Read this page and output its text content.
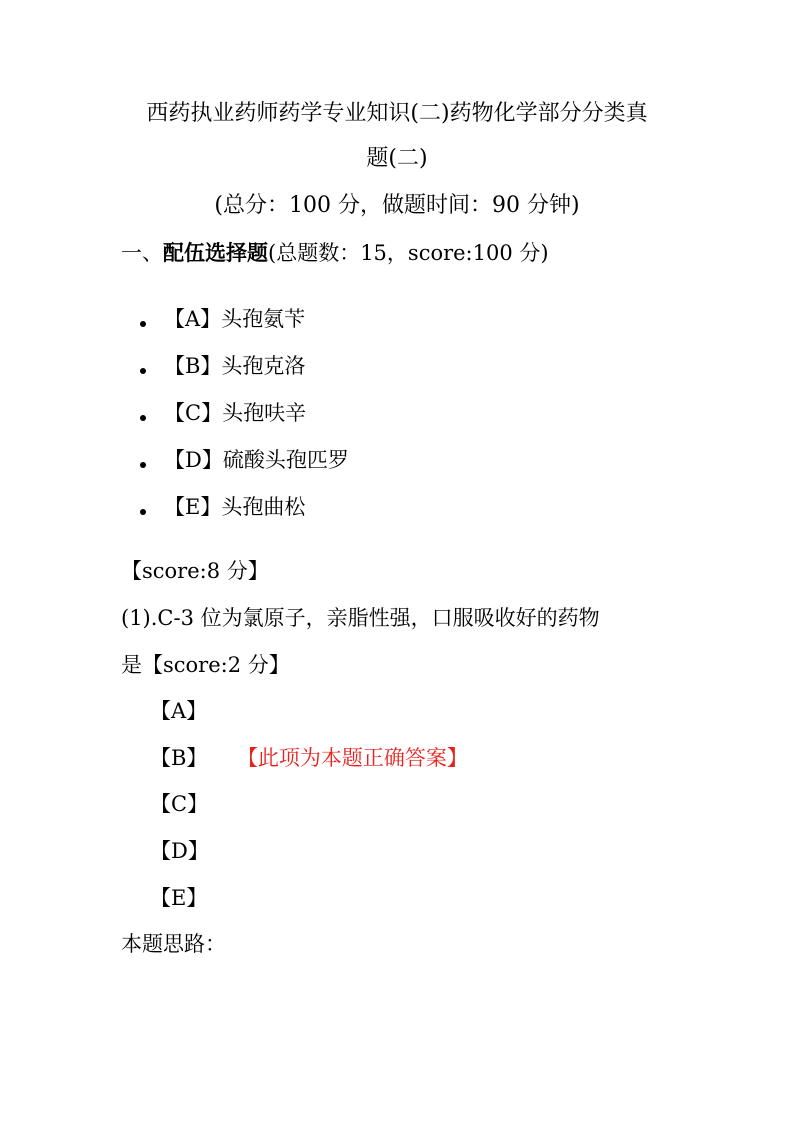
西药执业药师药学专业知识(二)药物化学部分分类真
题(二)
(总分：100 分，做题时间：90 分钟)
一、配伍选择题(总题数：15，score:100 分)
【A】头孢氨苄
【B】头孢克洛
【C】头孢呋辛
【D】硫酸头孢匹罗
【E】头孢曲松
【score:8 分】
(1).C-3 位为氯原子，亲脂性强，口服吸收好的药物
是【score:2 分】
【A】
【B】 【此项为本题正确答案】
【C】
【D】
【E】
本题思路：
